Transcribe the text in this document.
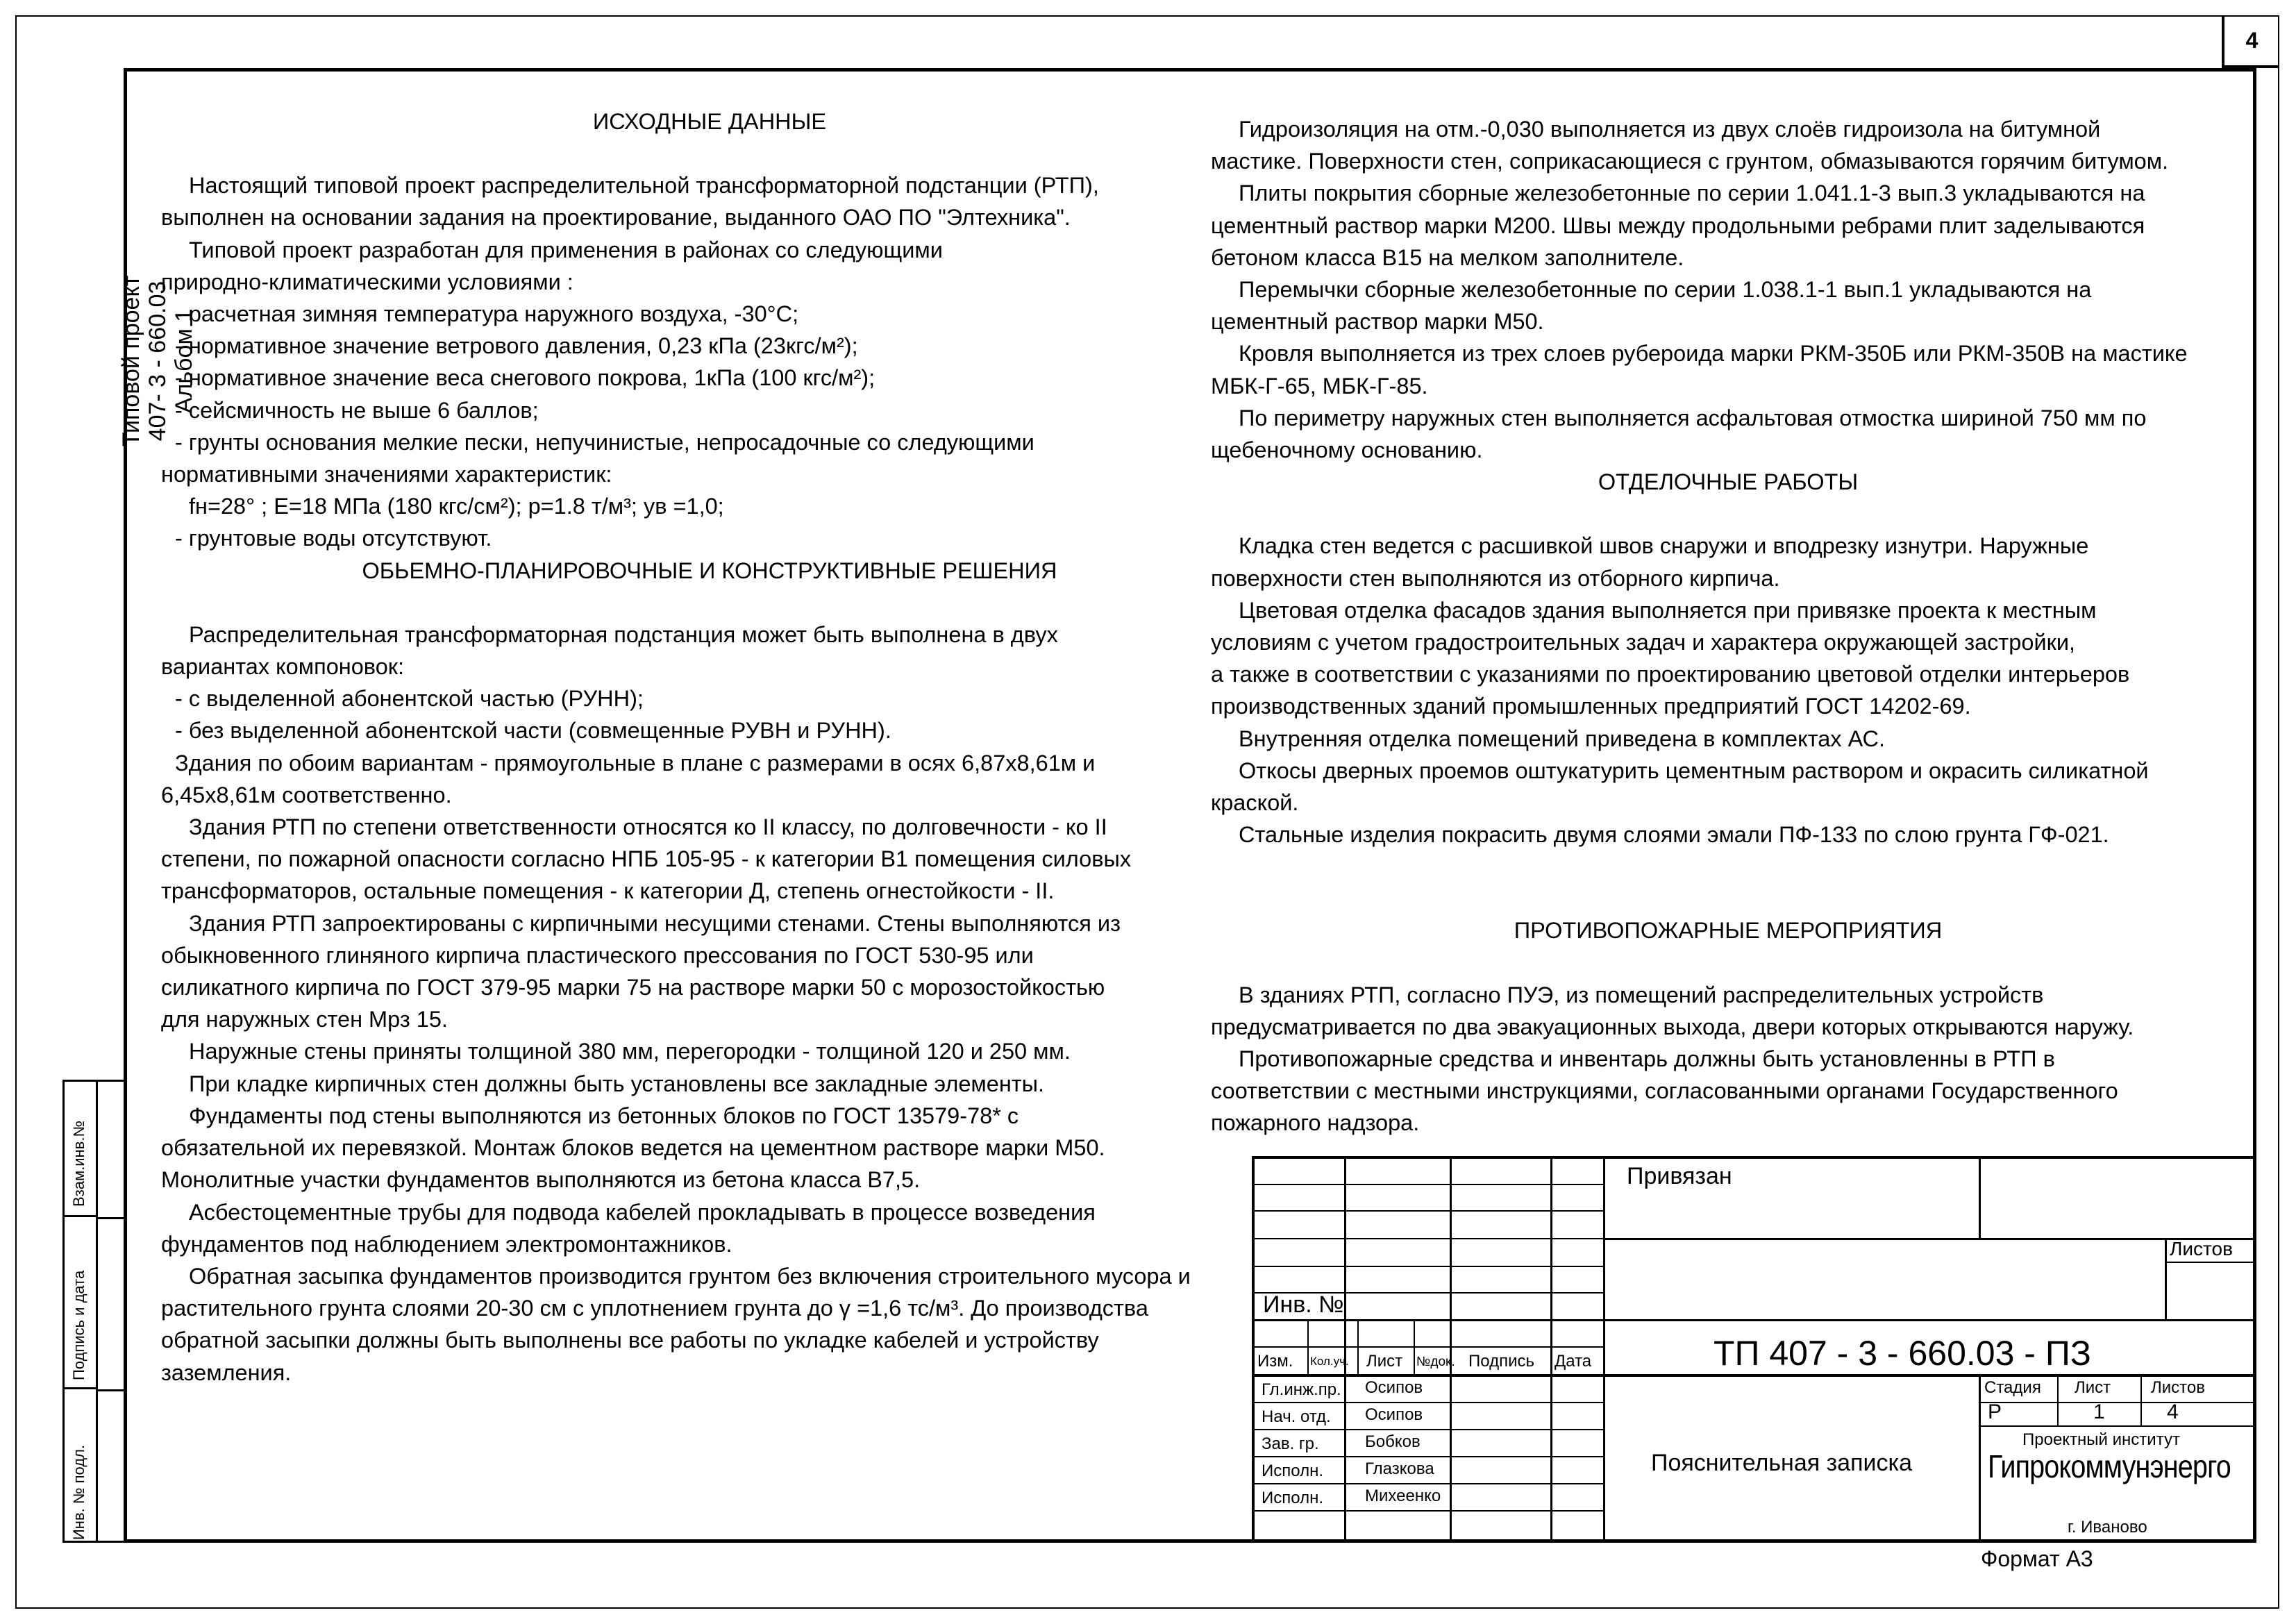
4
Типовой проект 407- 3 - 660.03 Альбом 1
Взам.инв.№
Подпись и дата
Инв. № подл.

ИСХОДНЫЕ ДАННЫЕ

Настоящий типовой проект распределительной трансформаторной подстанции (РТП),

выполнен на основании задания на проектирование, выданного ОАО ПО "Элтехника".

Типовой проект разработан для применения в районах со следующими

природно-климатическими условиями :

- расчетная зимняя температура наружного воздуха, -30°С;

- нормативное значение ветрового давления, 0,23 кПа (23кгс/м²);

- нормативное значение веса снегового покрова, 1кПа (100 кгс/м²);

- сейсмичность не выше 6 баллов;

- грунты основания мелкие пески, непучинистые, непросадочные со следующими

нормативными значениями характеристик:

fн=28° ; Е=18 МПа (180 кгс/см²); р=1.8 т/м³; yв =1,0;

- грунтовые воды отсутствуют.

ОБЬЕМНО-ПЛАНИРОВОЧНЫЕ И КОНСТРУКТИВНЫЕ РЕШЕНИЯ

Распределительная трансформаторная подстанция может быть выполнена в двух

вариантах компоновок:

- с выделенной абонентской частью (РУНН);

- без выделенной абонентской части (совмещенные РУВН и РУНН).

Здания по обоим вариантам - прямоугольные в плане с размерами в осях 6,87х8,61м и

6,45х8,61м соответственно.

Здания РТП по степени ответственности относятся ко II классу, по долговечности - ко II

степени, по пожарной опасности согласно НПБ 105-95 - к категории В1 помещения силовых

трансформаторов, остальные помещения - к категории Д, степень огнестойкости - II.

Здания РТП запроектированы с кирпичными несущими стенами. Стены выполняются из

обыкновенного глиняного кирпича пластического прессования по ГОСТ 530-95 или

силикатного кирпича по ГОСТ 379-95 марки 75 на растворе марки 50 с морозостойкостью

для наружных стен Мрз 15.

Наружные стены приняты толщиной 380 мм, перегородки - толщиной 120 и 250 мм.

При кладке кирпичных стен должны быть установлены все закладные элементы.

Фундаменты под стены выполняются из бетонных блоков по ГОСТ 13579-78* с

обязательной их перевязкой. Монтаж блоков ведется на цементном растворе марки М50.

Монолитные участки фундаментов выполняются из бетона класса В7,5.

Асбестоцементные трубы для подвода кабелей прокладывать в процессе возведения

фундаментов под наблюдением электромонтажников.

Обратная засыпка фундаментов производится грунтом без включения строительного мусора и

растительного грунта слоями 20-30 см с уплотнением грунта до γ =1,6 тс/м³. До производства

обратной засыпки должны быть выполнены все работы по укладке кабелей и устройству

заземления.

Гидроизоляция на отм.-0,030 выполняется из двух слоёв гидроизола на битумной

мастике. Поверхности стен, соприкасающиеся с грунтом, обмазываются горячим битумом.

Плиты покрытия сборные железобетонные по серии 1.041.1-3 вып.3 укладываются на

цементный раствор марки М200. Швы между продольными ребрами плит заделываются

бетоном класса В15 на мелком заполнителе.

Перемычки сборные железобетонные по серии 1.038.1-1 вып.1 укладываются на

цементный раствор марки М50.

Кровля выполняется из трех слоев рубероида марки РКМ-350Б или РКМ-350В на мастике

МБК-Г-65, МБК-Г-85.

По периметру наружных стен выполняется асфальтовая отмостка шириной 750 мм по

щебеночному основанию.

ОТДЕЛОЧНЫЕ РАБОТЫ

Кладка стен ведется с расшивкой швов снаружи и вподрезку изнутри. Наружные

поверхности стен выполняются из отборного кирпича.

Цветовая отделка фасадов здания выполняется при привязке проекта к местным

условиям с учетом градостроительных задач и характера окружающей застройки,

а также в соответствии с указаниями по проектированию цветовой отделки интерьеров

производственных зданий промышленных предприятий ГОСТ 14202-69.

Внутренняя отделка помещений приведена в комплектах АС.

Откосы дверных проемов оштукатурить цементным раствором и окрасить силикатной

краской.

Стальные изделия покрасить двумя слоями эмали ПФ-133 по слою грунта ГФ-021.

ПРОТИВОПОЖАРНЫЕ МЕРОПРИЯТИЯ

В зданиях РТП, согласно ПУЭ, из помещений распределительных устройств

предусматривается по два эвакуационных выхода, двери которых открываются наружу.

Противопожарные средства и инвентарь должны быть установленны в РТП в

соответствии с местными инструкциями, согласованными органами Государственного

пожарного надзора.

Привязан
Листов
Инв. №
ТП 407 - 3 - 660.03 - ПЗ
Изм. Кол.уч. Лист №док. Подпись Дата
Гл.инж.пр.
Нач. отд.
Зав. гр.
Исполн.
Исполн.
Осипов
Осипов
Бобков
Глазкова
Михеенко
Пояснительная записка
Стадия Лист Листов
Р	1	4
Проектный институт
Гипрокоммунэнерго
г. Иваново
Формат А3
